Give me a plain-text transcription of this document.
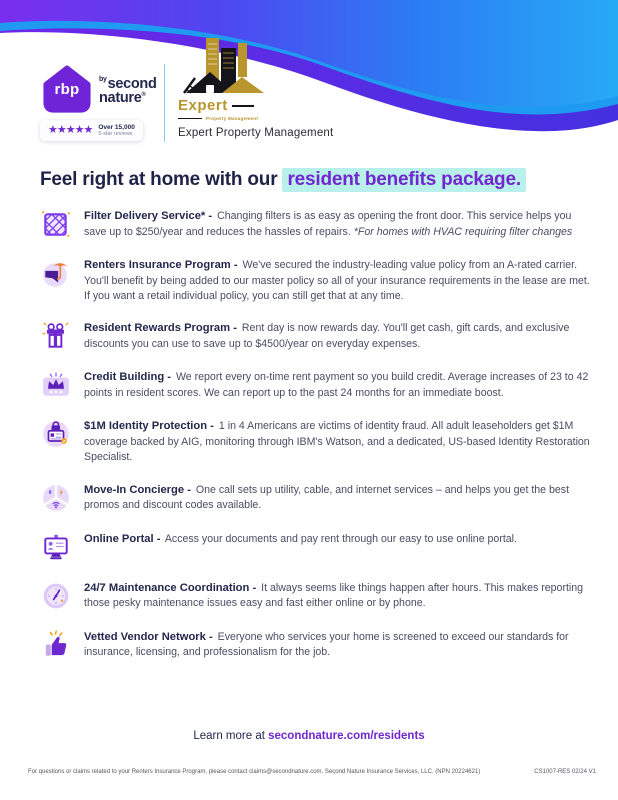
rbp
$^{by}$second
nature®
★★★★★ Over 15,000
5-star reviews
Expert
Property Management
Expert Property Management
Feel right at home with our resident benefits package.

Filter Delivery Service* - Changing filters is as easy as opening the front door. This service helps you save up to $250/year and reduces the hassles of repairs. *For homes with HVAC requiring filter changes

Renters Insurance Program - We've secured the industry-leading value policy from an A-rated carrier. You'll benefit by being added to our master policy so all of your insurance requirements in the lease are met. If you want a retail individual policy, you can still get that at any time.

Resident Rewards Program - Rent day is now rewards day. You'll get cash, gift cards, and exclusive discounts you can use to save up to $4500/year on everyday expenses.

Credit Building - We report every on-time rent payment so you build credit. Average increases of 23 to 42 points in resident scores. We can report up to the past 24 months for an immediate boost.

$1M Identity Protection - 1 in 4 Americans are victims of identity fraud. All adult leaseholders get $1M coverage backed by AIG, monitoring through IBM's Watson, and a dedicated, US-based Identity Restoration Specialist.

Move-In Concierge - One call sets up utility, cable, and internet services – and helps you get the best promos and discount codes available.

Online Portal - Access your documents and pay rent through our easy to use online portal.

24/7 Maintenance Coordination - It always seems like things happen after hours. This makes reporting those pesky maintenance issues easy and fast either online or by phone.

Vetted Vendor Network - Everyone who services your home is screened to exceed our standards for insurance, licensing, and professionalism for the job.

Learn more at secondnature.com/residents
For questions or claims related to your Renters Insurance Program, please contact claims@secondnature.com. Second Nature Insurance Services, LLC. (NPN 20224621)	CS1007-RES 02/24 V1
